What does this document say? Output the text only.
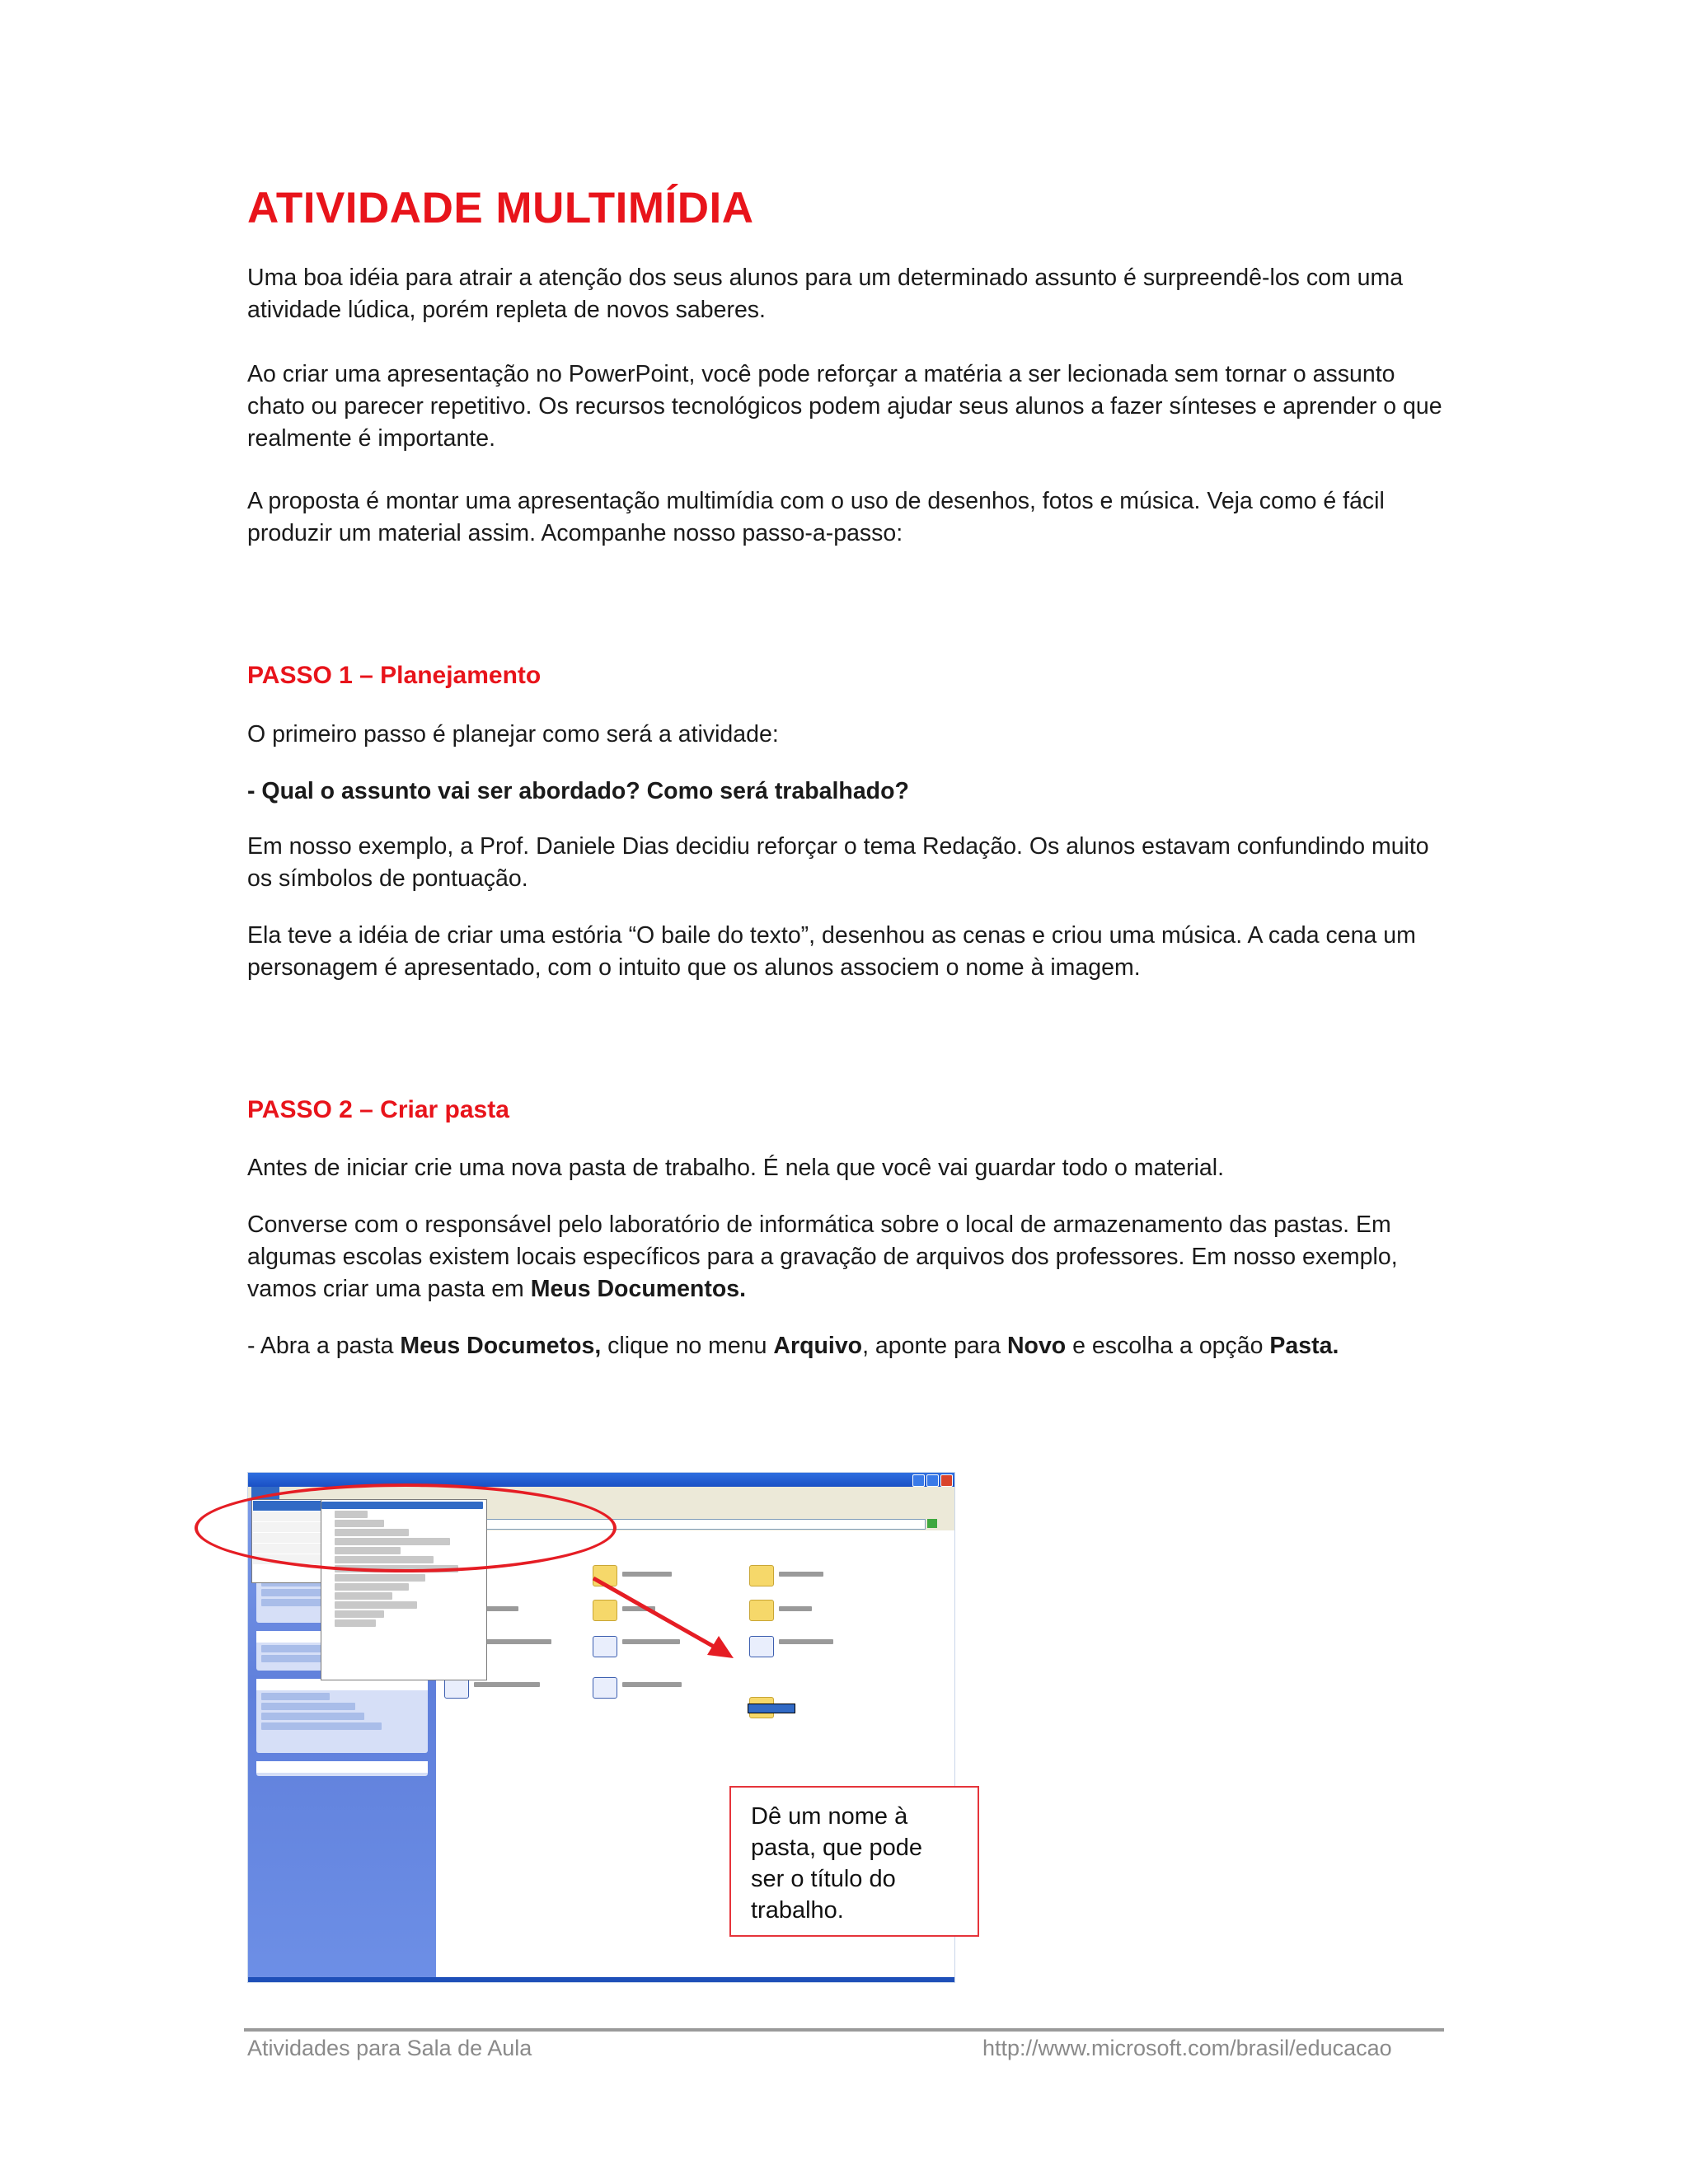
ATIVIDADE MULTIMÍDIA

Uma boa idéia para atrair a atenção dos seus alunos para um determinado assunto é surpreendê-los com uma atividade lúdica, porém repleta de novos saberes.

Ao criar uma apresentação no PowerPoint, você pode reforçar a matéria a ser lecionada sem tornar o assunto chato ou parecer repetitivo. Os recursos tecnológicos podem ajudar seus alunos a fazer sínteses e aprender o que realmente é importante.

A proposta é montar uma apresentação multimídia com o uso de desenhos, fotos e música. Veja como é fácil produzir um material assim. Acompanhe nosso passo-a-passo:

PASSO 1 – Planejamento

O primeiro passo é planejar como será a atividade:

- Qual o assunto vai ser abordado? Como será trabalhado?

Em nosso exemplo, a Prof. Daniele Dias decidiu reforçar o tema Redação. Os alunos estavam confundindo muito os símbolos de pontuação.

Ela teve a idéia de criar uma estória “O baile do texto”, desenhou as cenas e criou uma música. A cada cena um personagem é apresentado, com o intuito que os alunos associem o nome à imagem.

PASSO 2 – Criar pasta

Antes de iniciar crie uma nova pasta de trabalho. É nela que você vai guardar todo o material.

Converse com o responsável pelo laboratório de informática sobre o local de armazenamento das pastas. Em algumas escolas existem locais específicos para a gravação de arquivos dos professores. Em nosso exemplo, vamos criar uma pasta em Meus Documentos.

- Abra a pasta Meus Documetos, clique no menu Arquivo, aponte para Novo e escolha a opção Pasta.

Dê um nome à pasta, que pode ser o título do trabalho.

Atividades para Sala de Aula	http://www.microsoft.com/brasil/educacao
